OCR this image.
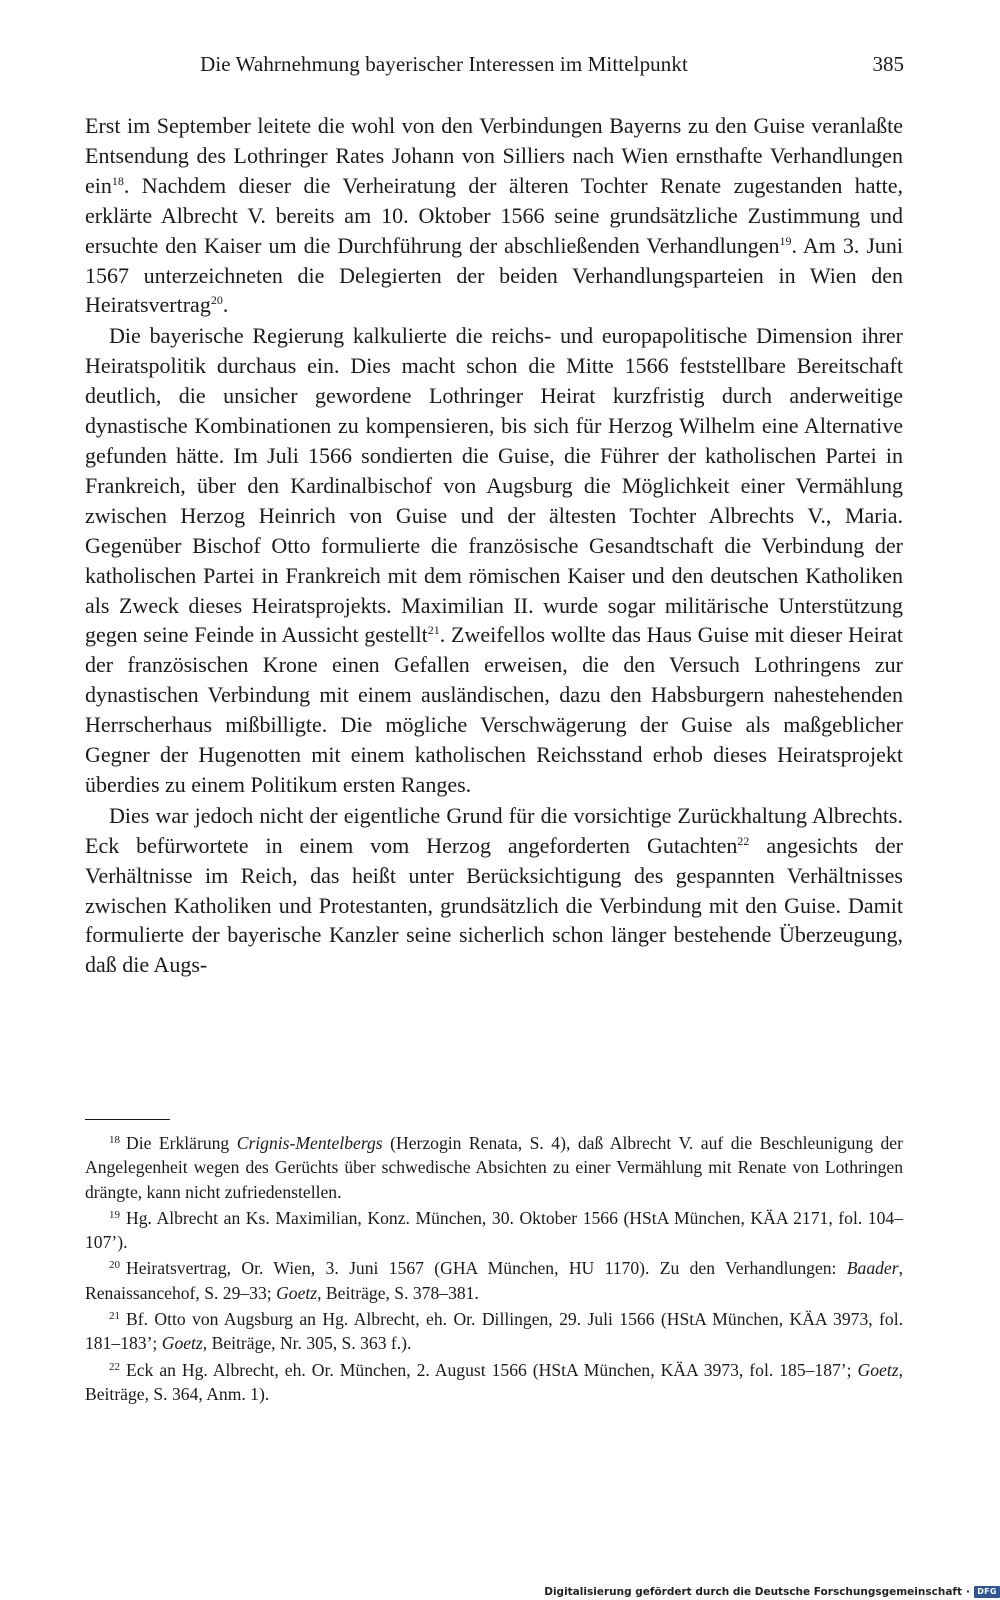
Die Wahrnehmung bayerischer Interessen im Mittelpunkt	385

Erst im September leitete die wohl von den Verbindungen Bayerns zu den Guise veranlaßte Entsendung des Lothringer Rates Johann von Silliers nach Wien ernsthafte Verhandlungen ein$^{18}$. Nachdem dieser die Verheiratung der älteren Tochter Renate zugestanden hatte, erklärte Albrecht V. bereits am 10. Oktober 1566 seine grundsätzliche Zustimmung und ersuchte den Kaiser um die Durchführung der abschließenden Verhandlungen$^{19}$. Am 3. Juni 1567 unterzeichneten die Delegierten der beiden Verhandlungsparteien in Wien den Heiratsvertrag$^{20}$.

Die bayerische Regierung kalkulierte die reichs- und europapolitische Dimension ihrer Heiratspolitik durchaus ein. Dies macht schon die Mitte 1566 feststellbare Bereitschaft deutlich, die unsicher gewordene Lothringer Heirat kurzfristig durch anderweitige dynastische Kombinationen zu kompensieren, bis sich für Herzog Wilhelm eine Alternative gefunden hätte. Im Juli 1566 sondierten die Guise, die Führer der katholischen Partei in Frankreich, über den Kardinalbischof von Augsburg die Möglichkeit einer Vermählung zwischen Herzog Heinrich von Guise und der ältesten Tochter Albrechts V., Maria. Gegenüber Bischof Otto formulierte die französische Gesandtschaft die Verbindung der katholischen Partei in Frankreich mit dem römischen Kaiser und den deutschen Katholiken als Zweck dieses Heiratsprojekts. Maximilian II. wurde sogar militärische Unterstützung gegen seine Feinde in Aussicht gestellt$^{21}$. Zweifellos wollte das Haus Guise mit dieser Heirat der französischen Krone einen Gefallen erweisen, die den Versuch Lothringens zur dynastischen Verbindung mit einem ausländischen, dazu den Habsburgern nahestehenden Herrscherhaus mißbilligte. Die mögliche Verschwägerung der Guise als maßgeblicher Gegner der Hugenotten mit einem katholischen Reichsstand erhob dieses Heiratsprojekt überdies zu einem Politikum ersten Ranges.

Dies war jedoch nicht der eigentliche Grund für die vorsichtige Zurückhaltung Albrechts. Eck befürwortete in einem vom Herzog angeforderten Gutachten$^{22}$ angesichts der Verhältnisse im Reich, das heißt unter Berücksichtigung des gespannten Verhältnisses zwischen Katholiken und Protestanten, grundsätzlich die Verbindung mit den Guise. Damit formulierte der bayerische Kanzler seine sicherlich schon länger bestehende Überzeugung, daß die Augs-

$^{18}$ Die Erklärung Crignis-Mentelbergs (Herzogin Renata, S. 4), daß Albrecht V. auf die Beschleunigung der Angelegenheit wegen des Gerüchts über schwedische Absichten zu einer Vermählung mit Renate von Lothringen drängte, kann nicht zufriedenstellen.

$^{19}$ Hg. Albrecht an Ks. Maximilian, Konz. München, 30. Oktober 1566 (HStA München, KÄA 2171, fol. 104–107’).

$^{20}$ Heiratsvertrag, Or. Wien, 3. Juni 1567 (GHA München, HU 1170). Zu den Verhandlungen: Baader, Renaissancehof, S. 29–33; Goetz, Beiträge, S. 378–381.

$^{21}$ Bf. Otto von Augsburg an Hg. Albrecht, eh. Or. Dillingen, 29. Juli 1566 (HStA München, KÄA 3973, fol. 181–183’; Goetz, Beiträge, Nr. 305, S. 363 f.).

$^{22}$ Eck an Hg. Albrecht, eh. Or. München, 2. August 1566 (HStA München, KÄA 3973, fol. 185–187’; Goetz, Beiträge, S. 364, Anm. 1).

Digitalisierung gefördert durch die Deutsche Forschungsgemeinschaft · DFG
